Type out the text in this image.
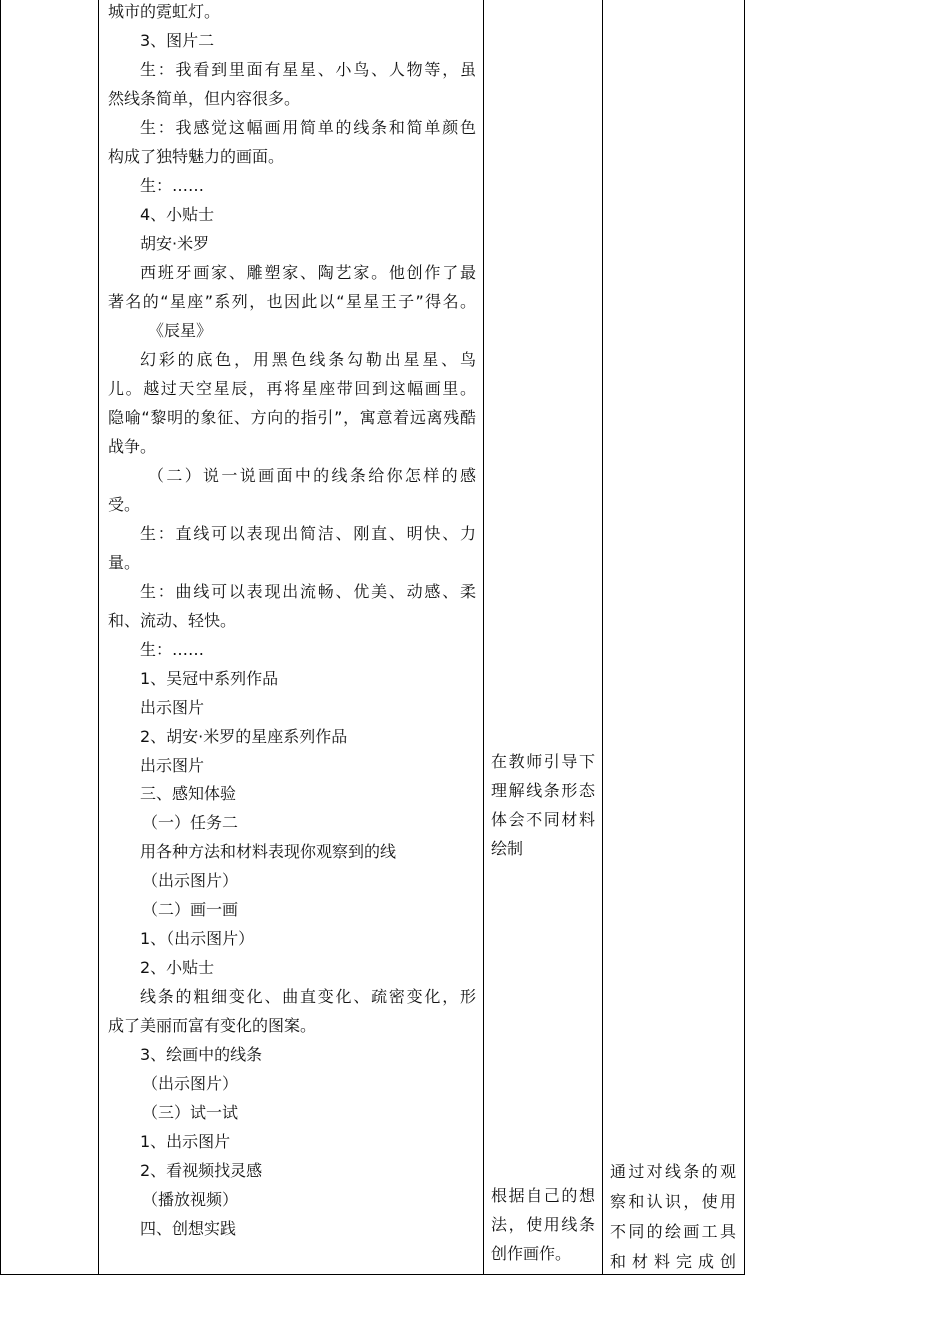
城市的霓虹灯。
3、图片二
生：我看到里面有星星、小鸟、人物等，虽
然线条简单，但内容很多。
生：我感觉这幅画用简单的线条和简单颜色
构成了独特魅力的画面。
生：……
4、小贴士
胡安·米罗
西班牙画家、雕塑家、陶艺家。他创作了最
著名的“星座”系列，也因此以“星星王子”得名。
《辰星》
幻彩的底色，用黑色线条勾勒出星星、鸟
儿。越过天空星辰，再将星座带回到这幅画里。
隐喻“黎明的象征、方向的指引”，寓意着远离残酷
战争。
（二）说一说画面中的线条给你怎样的感
受。
生：直线可以表现出简洁、刚直、明快、力
量。
生：曲线可以表现出流畅、优美、动感、柔
和、流动、轻快。
生：……
1、吴冠中系列作品
出示图片
2、胡安·米罗的星座系列作品
出示图片
三、感知体验
（一）任务二
用各种方法和材料表现你观察到的线
（出示图片）
（二）画一画
1、（出示图片）
2、小贴士
线条的粗细变化、曲直变化、疏密变化，形
成了美丽而富有变化的图案。
3、绘画中的线条
（出示图片）
（三）试一试
1、出示图片
2、看视频找灵感
（播放视频）
四、创想实践
在教师引导下
理解线条形态
体会不同材料
绘制
根据自己的想
法，使用线条
创作画作。
通过对线条的观
察和认识，使用
不同的绘画工具
和材料完成创
